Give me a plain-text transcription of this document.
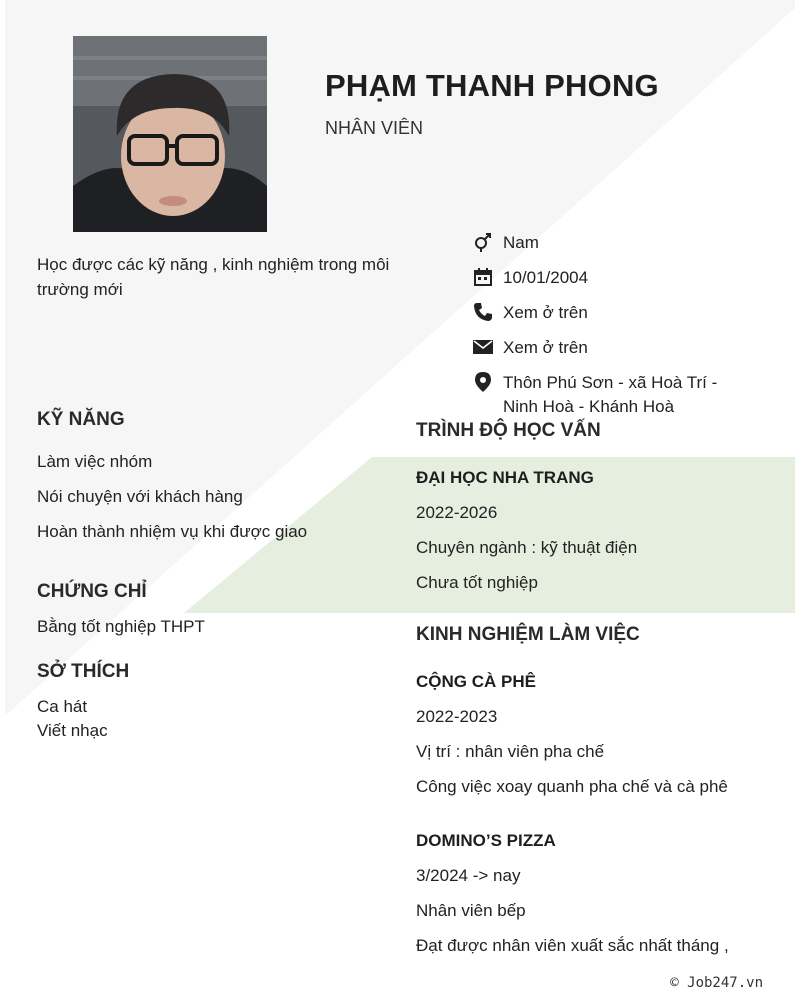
PHẠM THANH PHONG
NHÂN VIÊN
Học được các kỹ năng , kinh nghiệm trong môi trường mới
Nam
10/01/2004
Xem ở trên
Xem ở trên
Thôn Phú Sơn - xã Hoà Trí - Ninh Hoà - Khánh Hoà
KỸ NĂNG
Làm việc nhóm
Nói chuyện với khách hàng
Hoàn thành nhiệm vụ khi được giao
CHỨNG CHỈ
Bằng tốt nghiệp THPT
SỞ THÍCH
Ca hát
Viết nhạc
TRÌNH ĐỘ HỌC VẤN
ĐẠI HỌC NHA TRANG
2022-2026
Chuyên ngành : kỹ thuật điện
Chưa tốt nghiệp
KINH NGHIỆM LÀM VIỆC
CỘNG CÀ PHÊ
2022-2023
Vị trí : nhân viên pha chế
Công việc xoay quanh pha chế và cà phê
DOMINO’S PIZZA
3/2024 -> nay
Nhân viên bếp
Đạt được nhân viên xuất sắc nhất tháng ,
© Job247.vn
